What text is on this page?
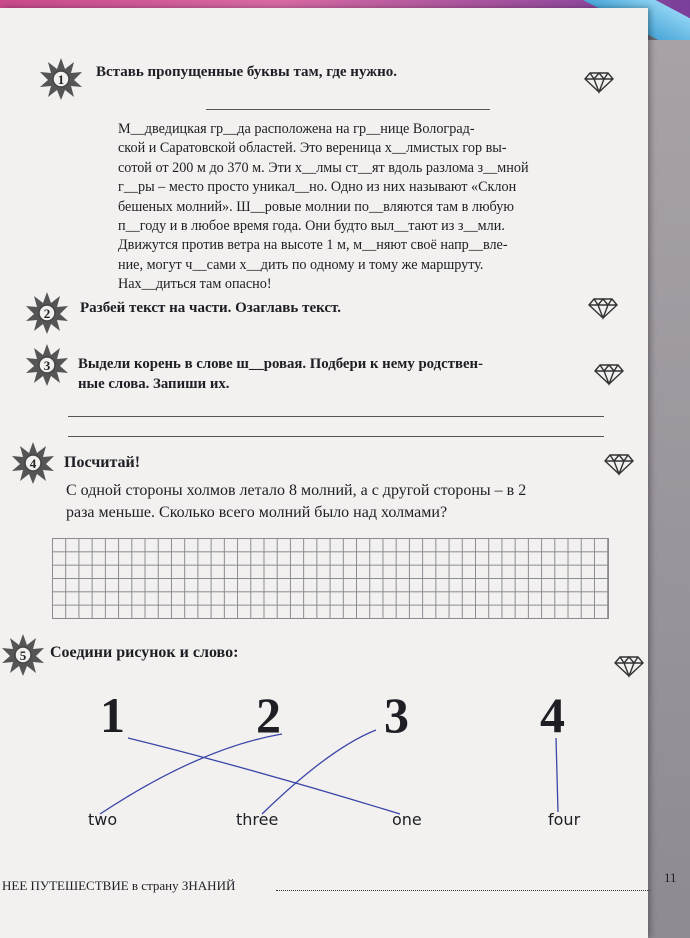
1 Вставь пропущенные буквы там, где нужно.
М__дведицкая гр__да расположена на гр__нице Волоград-
ской и Саратовской областей. Это вереница х__лмистых гор вы-
сотой от 200 м до 370 м. Эти х__лмы ст__ят вдоль разлома з__мной
г__ры – место просто уникал__но. Одно из них называют «Склон
бешеных молний». Ш__ровые молнии по__вляются там в любую
п__году и в любое время года. Они будто выл__тают из з__мли.
Движутся против ветра на высоте 1 м, м__няют своё напр__вле-
ние, могут ч__сами х__дить по одному и тому же маршруту.
Нах__диться там опасно!
2 Разбей текст на части. Озаглавь текст.
3 Выдели корень в слове ш__ровая. Подбери к нему родствен-
ные слова. Запиши их.
4 Посчитай!
С одной стороны холмов летало 8 молний, а с другой стороны – в 2
раза меньше. Сколько всего молний было над холмами?
5 Соедини рисунок и слово:
1	2 3	4
two	three	one	four
НЕЕ ПУТЕШЕСТВИЕ в страну ЗНАНИЙ
11
